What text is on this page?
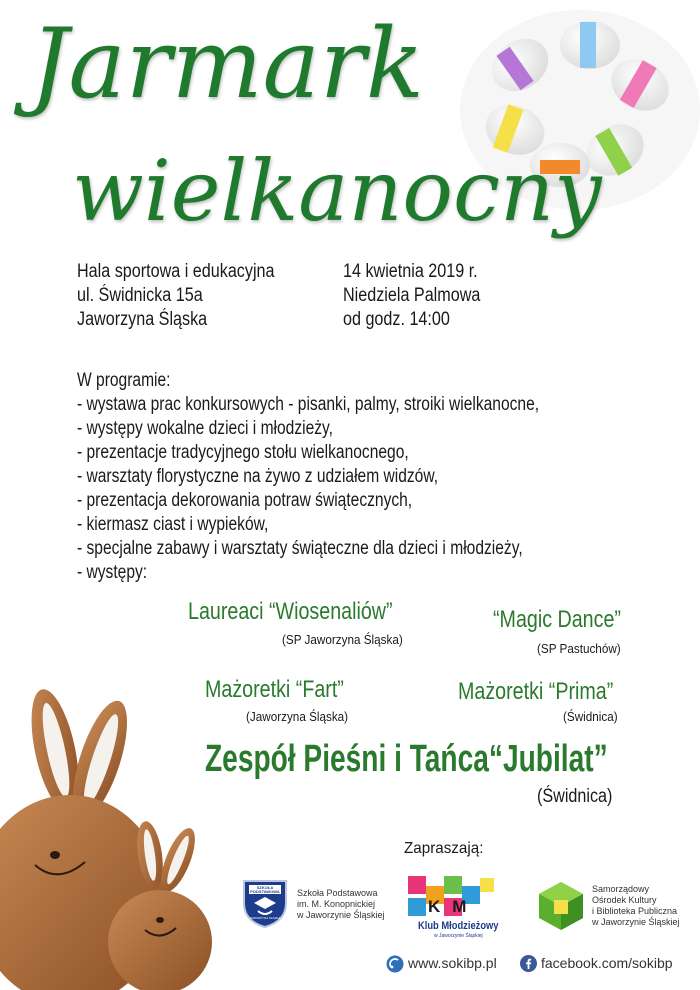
Jarmark
wielkanocny
Hala sportowa i edukacyjna
ul. Świdnicka 15a
Jaworzyna Śląska
14 kwietnia 2019 r.
Niedziela Palmowa
od godz. 14:00
W programie:
- wystawa prac konkursowych - pisanki, palmy, stroiki wielkanocne,
- występy wokalne dzieci i młodzieży,
- prezentacje tradycyjnego stołu wielkanocnego,
- warsztaty florystyczne na żywo z udziałem widzów,
- prezentacja dekorowania potraw świątecznych,
- kiermasz ciast i wypieków,
- specjalne zabawy i warsztaty świąteczne dla dzieci i młodzieży,
- występy:
Laureaci “Wiosenaliów”
(SP Jaworzyna Śląska)
“Magic Dance”
(SP Pastuchów)
Mażoretki “Fart”
(Jaworzyna Śląska)
Mażoretki “Prima”
(Świdnica)
Zespół Pieśni i Tańca“Jubilat”
(Świdnica)
Zapraszają:
SZKOŁA PODSTAWOWA
JAWORZYNA ŚLĄSKA
Szkoła Podstawowa
im. M. Konopnickiej
w Jaworzynie Śląskiej	KM
Klub Młodzieżowy
w Jaworzynie Śląskiej
Samorządowy
Ośrodek Kultury
i Biblioteka Publiczna
w Jaworzynie Śląskiej
www.sokibp.pl	facebook.com/sokibp
